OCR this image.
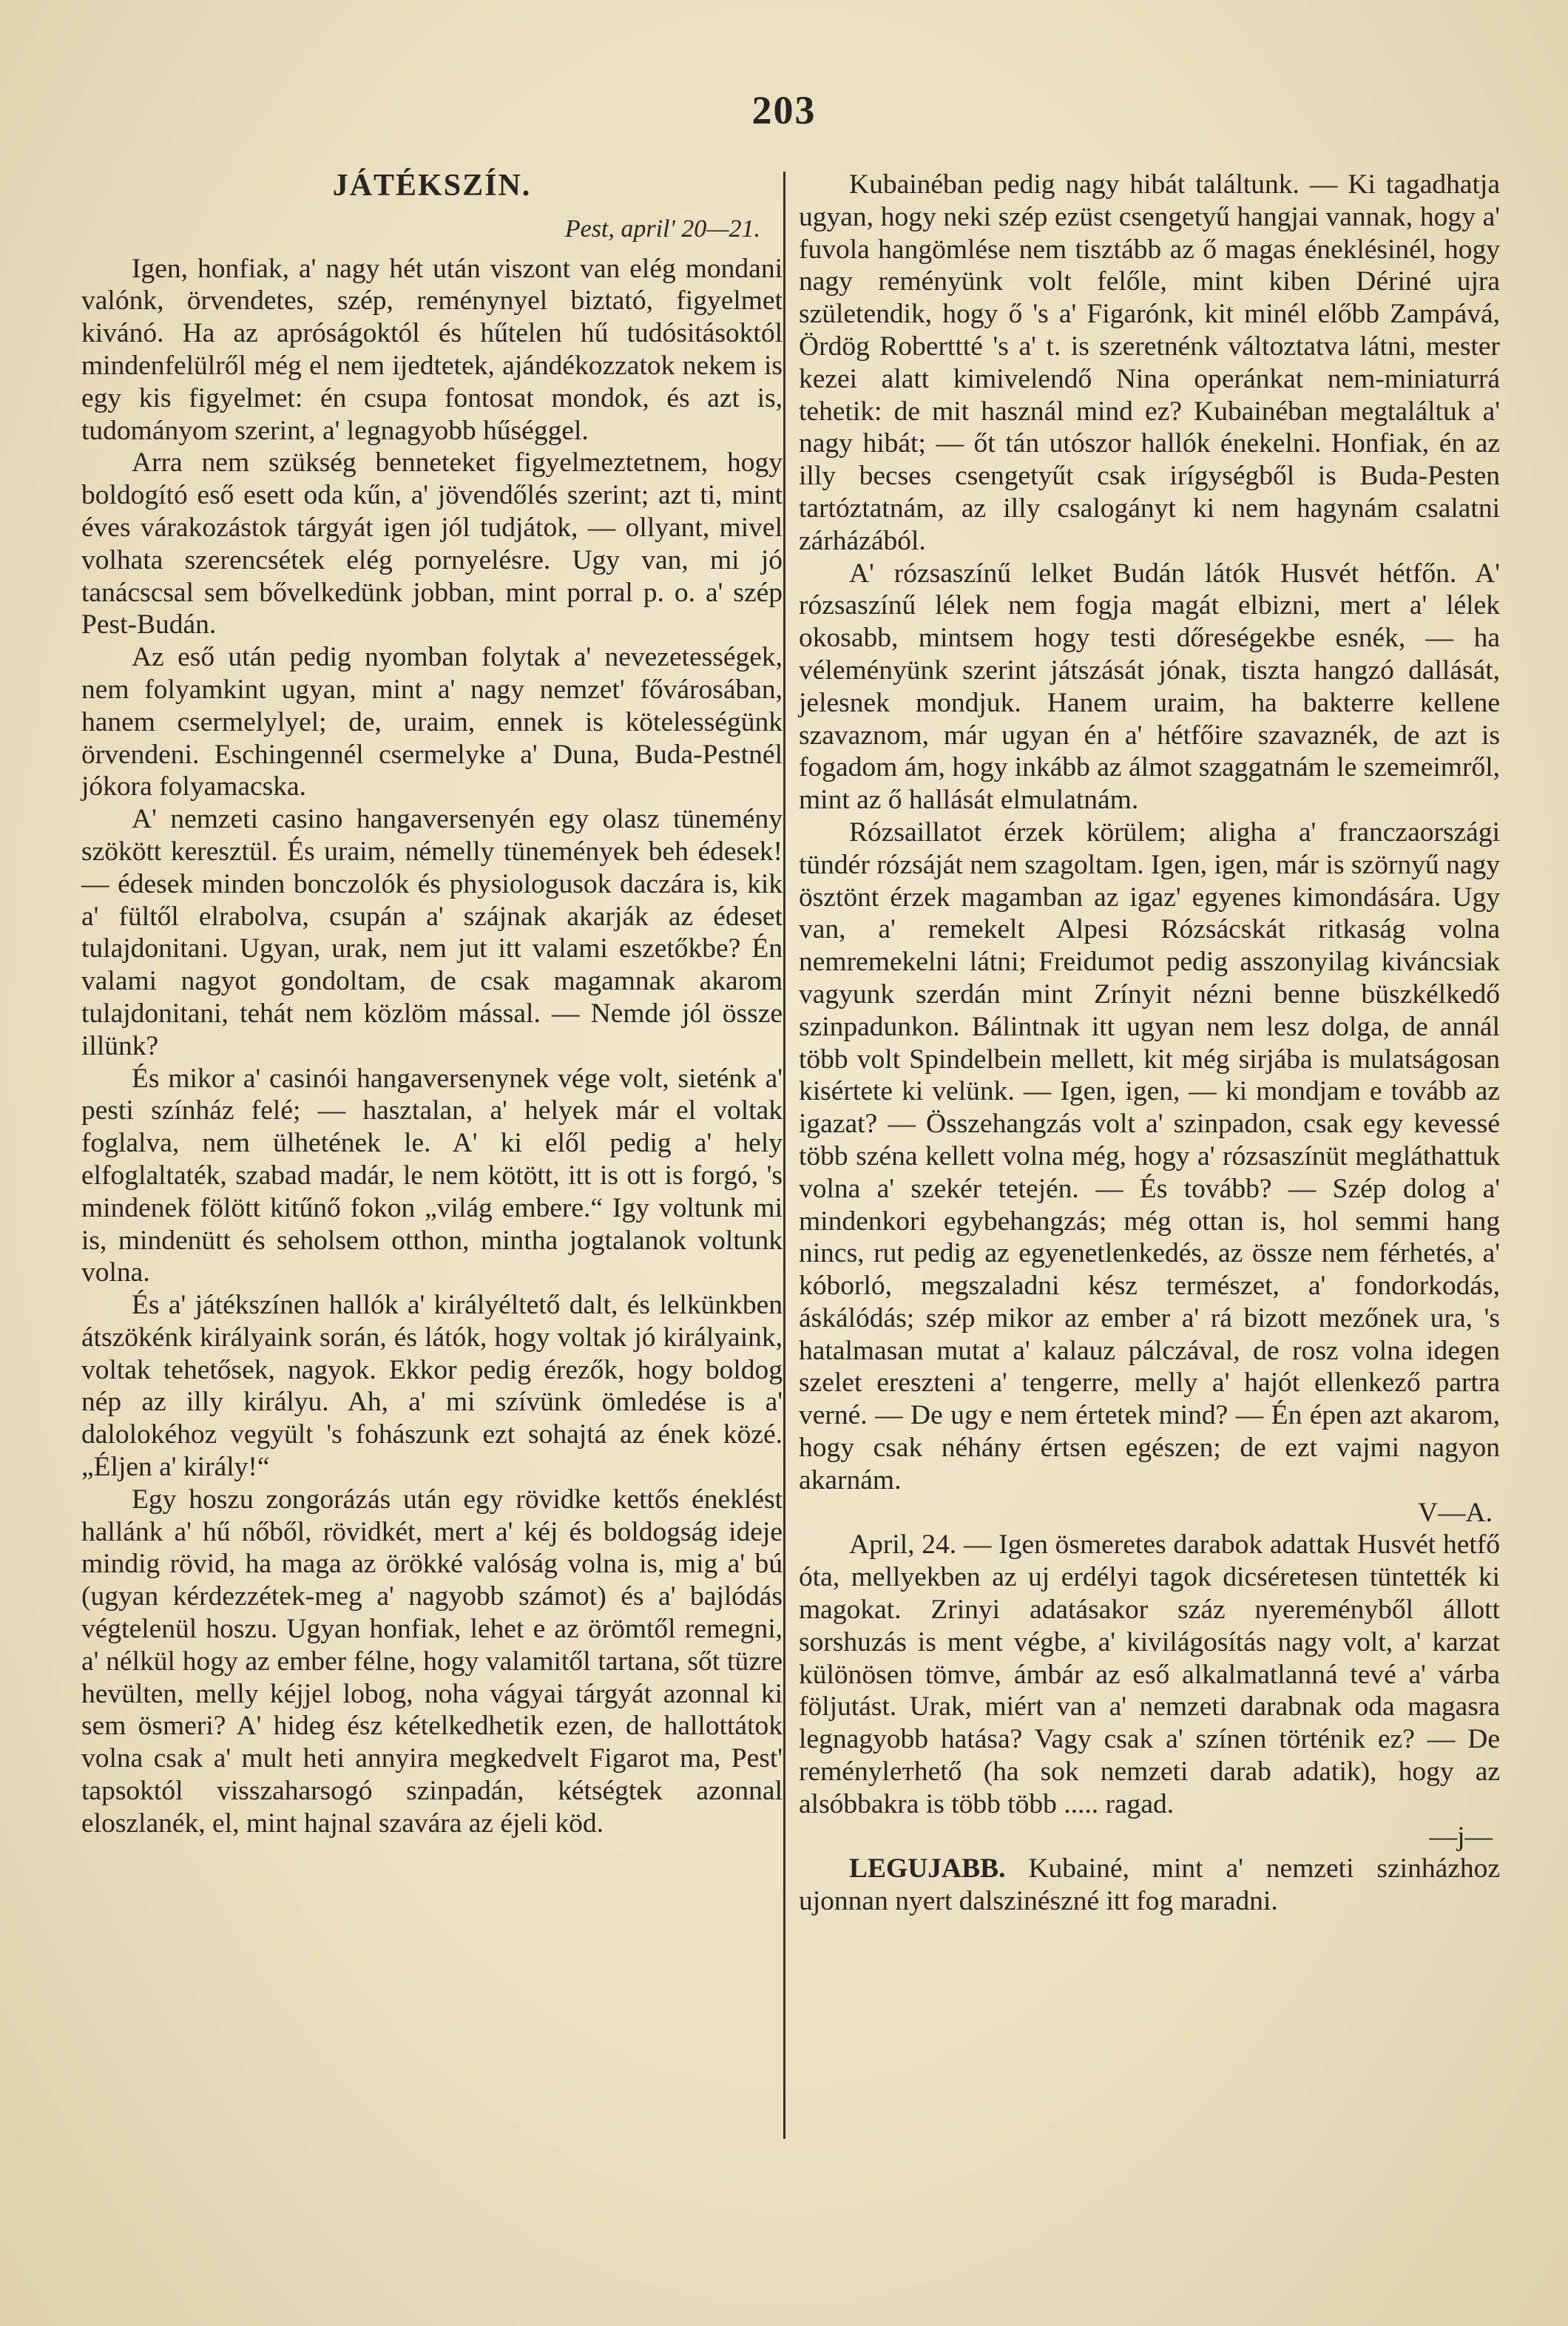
203
JÁTÉKSZÍN.
Pest, april' 20—21.

Igen, honfiak, a' nagy hét után viszont van elég mondani valónk, örvendetes, szép, reménynyel biztató, figyelmet kivánó. Ha az apróságoktól és hűtelen hű tudósitásoktól mindenfelülről még el nem ijedtetek, ajándékozzatok nekem is egy kis figyelmet: én csupa fontosat mondok, és azt is, tudományom szerint, a' legnagyobb hűséggel.

Arra nem szükség benneteket figyelmeztetnem, hogy boldogító eső esett oda kűn, a' jövendőlés szerint; azt ti, mint éves várakozástok tárgyát igen jól tudjátok, — ollyant, mivel volhata szerencsétek elég pornyelésre. Ugy van, mi jó tanácscsal sem bővelkedünk jobban, mint porral p. o. a' szép Pest-Budán.

Az eső után pedig nyomban folytak a' nevezetességek, nem folyamkint ugyan, mint a' nagy nemzet' fővárosában, hanem csermelylyel; de, uraim, ennek is kötelességünk örvendeni. Eschingennél csermelyke a' Duna, Buda-Pestnél jókora folyamacska.

A' nemzeti casino hangaversenyén egy olasz tünemény szökött keresztül. És uraim, némelly tünemények beh édesek! — édesek minden bonczolók és physiologusok daczára is, kik a' fültől elrabolva, csupán a' szájnak akarják az édeset tulajdonitani. Ugyan, urak, nem jut itt valami eszetőkbe? Én valami nagyot gondoltam, de csak magamnak akarom tulajdonitani, tehát nem közlöm mással. — Nemde jól össze illünk?

És mikor a' casinói hangaversenynek vége volt, sieténk a' pesti színház felé; — hasztalan, a' helyek már el voltak foglalva, nem ülhetének le. A' ki elől pedig a' hely elfoglaltaték, szabad madár, le nem kötött, itt is ott is forgó, 's mindenek fölött kitűnő fokon „világ embere.“ Igy voltunk mi is, mindenütt és seholsem otthon, mintha jogtalanok voltunk volna.

És a' játékszínen hallók a' királyéltető dalt, és lelkünkben átszökénk királyaink során, és látók, hogy voltak jó királyaink, voltak tehetősek, nagyok. Ekkor pedig érezők, hogy boldog nép az illy királyu. Ah, a' mi szívünk ömledése is a' dalolokéhoz vegyült 's fohászunk ezt sohajtá az ének közé. „Éljen a' király!“

Egy hoszu zongorázás után egy rövidke kettős éneklést hallánk a' hű nőből, rövidkét, mert a' kéj és boldogság ideje mindig rövid, ha maga az örökké valóság volna is, mig a' bú (ugyan kérdezzétek-meg a' nagyobb számot) és a' bajlódás végtelenül hoszu. Ugyan honfiak, lehet e az örömtől remegni, a' nélkül hogy az ember félne, hogy valamitől tartana, sőt tüzre hevülten, melly kéjjel lobog, noha vágyai tárgyát azonnal ki sem ösmeri? A' hideg ész kételkedhetik ezen, de hallottátok volna csak a' mult heti annyira megkedvelt Figarot ma, Pest' tapsoktól visszaharsogó szinpadán, kétségtek azonnal eloszlanék, el, mint hajnal szavára az éjeli köd.

Kubainéban pedig nagy hibát találtunk. — Ki tagadhatja ugyan, hogy neki szép ezüst csengetyű hangjai vannak, hogy a' fuvola hangömlése nem tisztább az ő magas éneklésinél, hogy nagy reményünk volt felőle, mint kiben Dériné ujra születendik, hogy ő 's a' Figarónk, kit minél előbb Zampává, Ördög Roberttté 's a' t. is szeretnénk változtatva látni, mester kezei alatt kimivelendő Nina operánkat nem-miniaturrá tehetik: de mit használ mind ez? Kubainéban megtaláltuk a' nagy hibát; — őt tán utószor hallók énekelni. Honfiak, én az illy becses csengetyűt csak irígységből is Buda-Pesten tartóztatnám, az illy csalogányt ki nem hagynám csalatni zárházából.

A' rózsaszínű lelket Budán látók Husvét hétfőn. A' rózsaszínű lélek nem fogja magát elbizni, mert a' lélek okosabb, mintsem hogy testi dőreségekbe esnék, — ha véleményünk szerint játszását jónak, tiszta hangzó dallását, jelesnek mondjuk. Hanem uraim, ha bakterre kellene szavaznom, már ugyan én a' hétfőire szavaznék, de azt is fogadom ám, hogy inkább az álmot szaggatnám le szemeimről, mint az ő hallását elmulatnám.

Rózsaillatot érzek körülem; aligha a' franczaországi tündér rózsáját nem szagoltam. Igen, igen, már is szörnyű nagy ösztönt érzek magamban az igaz' egyenes kimondására. Ugy van, a' remekelt Alpesi Rózsácskát ritkaság volna nemremekelni látni; Freidumot pedig asszonyilag kiváncsiak vagyunk szerdán mint Zrínyit nézni benne büszkélkedő szinpadunkon. Bálintnak itt ugyan nem lesz dolga, de annál több volt Spindelbein mellett, kit még sirjába is mulatságosan kisértete ki velünk. — Igen, igen, — ki mondjam e tovább az igazat? — Összehangzás volt a' szinpadon, csak egy kevessé több széna kellett volna még, hogy a' rózsaszínüt megláthattuk volna a' szekér tetején. — És tovább? — Szép dolog a' mindenkori egybehangzás; még ottan is, hol semmi hang nincs, rut pedig az egyenetlenkedés, az össze nem férhetés, a' kóborló, megszaladni kész természet, a' fondorkodás, áskálódás; szép mikor az ember a' rá bizott mezőnek ura, 's hatalmasan mutat a' kalauz pálczával, de rosz volna idegen szelet ereszteni a' tengerre, melly a' hajót ellenkező partra verné. — De ugy e nem értetek mind? — Én épen azt akarom, hogy csak néhány értsen egészen; de ezt vajmi nagyon akarnám.

V—A.

April, 24. — Igen ösmeretes darabok adattak Husvét hetfő óta, mellyekben az uj erdélyi tagok dicséretesen tüntették ki magokat. Zrinyi adatásakor száz nyereményből állott sorshuzás is ment végbe, a' kivilágosítás nagy volt, a' karzat különösen tömve, ámbár az eső alkalmatlanná tevé a' várba följutást. Urak, miért van a' nemzeti darabnak oda magasra legnagyobb hatása? Vagy csak a' színen történik ez? — De reményleтhető (ha sok nemzeti darab adatik), hogy az alsóbbakra is több több ..... ragad.

—j—

LEGUJABB. Kubainé, mint a' nemzeti szinházhoz ujonnan nyert dalszinészné itt fog maradni.
